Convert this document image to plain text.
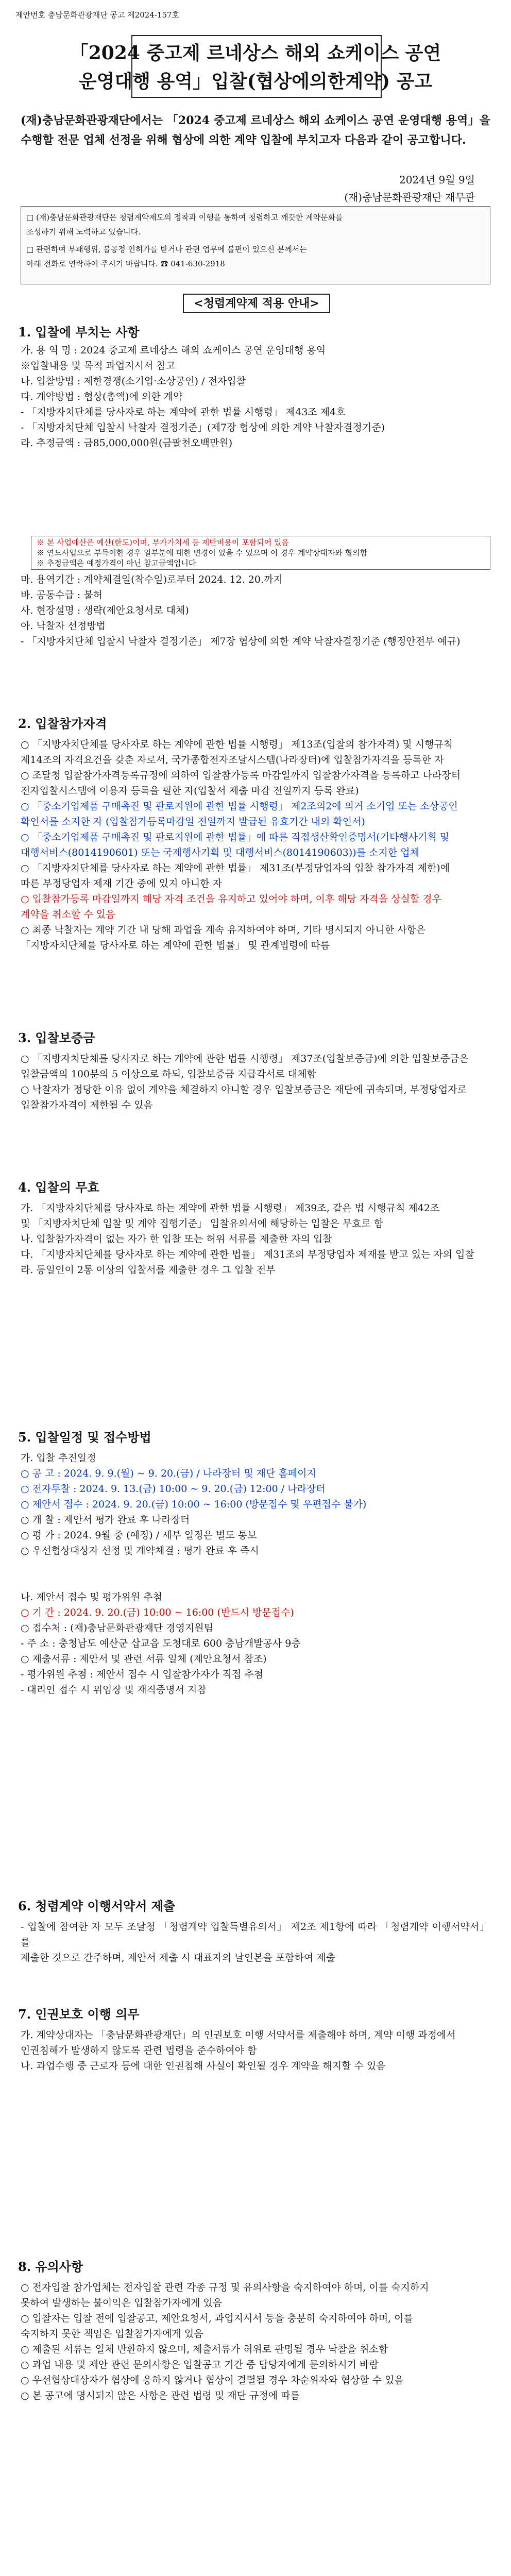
제안번호 충남문화관광재단 공고 제2024-157호
「2024 중고제 르네상스 해외 쇼케이스 공연
운영대행 용역」입찰(협상에의한계약) 공고
(재)충남문화관광재단에서는 「2024 중고제 르네상스 해외 쇼케이스 공연 운영대행 용역」을 수행할 전문 업체 선정을 위해 협상에 의한 계약 입찰에 부치고자 다음과 같이 공고합니다.
2024년 9월 9일
(재)충남문화관광재단 재무관
□ (재)충남문화관광재단은 청렴계약제도의 정착과 이행을 통하여 청렴하고 깨끗한 계약문화를
조성하기 위해 노력하고 있습니다.
□ 관련하여 부패행위, 불공정 인허가를 받거나 관련 업무에 불편이 있으신 분께서는
아래 전화로 연락하여 주시기 바랍니다. ☎ 041-630-2918
<청렴계약제 적용 안내>
1. 입찰에 부치는 사항
가. 용 역 명 : 2024 중고제 르네상스 해외 쇼케이스 공연 운영대행 용역
※입찰내용 및 목적 과업지시서 참고
나. 입찰방법 : 제한경쟁(소기업·소상공인) / 전자입찰
다. 계약방법 : 협상(총액)에 의한 계약
- 「지방자치단체를 당사자로 하는 계약에 관한 법률 시행령」 제43조 제4호
- 「지방자치단체 입찰시 낙찰자 결정기준」(제7장 협상에 의한 계약 낙찰자결정기준)
라. 추정금액 : 금85,000,000원(금팔천오백만원)
※ 본 사업예산은 예산(한도)이며, 부가가치세 등 제반비용이 포함되어 있음
※ 연도사업으로 부득이한 경우 일부분에 대한 변경이 있을 수 있으며 이 경우 계약상대자와 협의함
※ 추정금액은 예정가격이 아닌 참고금액입니다
마. 용역기간 : 계약체결일(착수일)로부터 2024. 12. 20.까지
바. 공동수급 : 불허
사. 현장설명 : 생략(제안요청서로 대체)
아. 낙찰자 선정방법
- 「지방자치단체 입찰시 낙찰자 결정기준」 제7장 협상에 의한 계약 낙찰자결정기준 (행정안전부 예규)
2. 입찰참가자격
○ 「지방자치단체를 당사자로 하는 계약에 관한 법률 시행령」 제13조(입찰의 참가자격) 및 시행규칙
제14조의 자격요건을 갖춘 자로서, 국가종합전자조달시스템(나라장터)에 입찰참가자격을 등록한 자
○ 조달청 입찰참가자격등록규정에 의하여 입찰참가등록 마감일까지 입찰참가자격을 등록하고 나라장터
전자입찰시스템에 이용자 등록을 필한 자(입찰서 제출 마감 전일까지 등록 완료)
○ 「중소기업제품 구매촉진 및 판로지원에 관한 법률 시행령」 제2조의2에 의거 소기업 또는 소상공인
확인서를 소지한 자 (입찰참가등록마감일 전일까지 발급된 유효기간 내의 확인서)
○ 「중소기업제품 구매촉진 및 판로지원에 관한 법률」에 따른 직접생산확인증명서(기타행사기획 및
대행서비스(8014190601) 또는 국제행사기획 및 대행서비스(8014190603))를 소지한 업체
○ 「지방자치단체를 당사자로 하는 계약에 관한 법률」 제31조(부정당업자의 입찰 참가자격 제한)에
따른 부정당업자 제재 기간 중에 있지 아니한 자
○ 입찰참가등록 마감일까지 해당 자격 조건을 유지하고 있어야 하며, 이후 해당 자격을 상실할 경우
계약을 취소할 수 있음
○ 최종 낙찰자는 계약 기간 내 당해 과업을 계속 유지하여야 하며, 기타 명시되지 아니한 사항은
「지방자치단체를 당사자로 하는 계약에 관한 법률」 및 관계법령에 따름
3. 입찰보증금
○ 「지방자치단체를 당사자로 하는 계약에 관한 법률 시행령」 제37조(입찰보증금)에 의한 입찰보증금은
입찰금액의 100분의 5 이상으로 하되, 입찰보증금 지급각서로 대체함
○ 낙찰자가 정당한 이유 없이 계약을 체결하지 아니할 경우 입찰보증금은 재단에 귀속되며, 부정당업자로
입찰참가자격이 제한될 수 있음
4. 입찰의 무효
가. 「지방자치단체를 당사자로 하는 계약에 관한 법률 시행령」 제39조, 같은 법 시행규칙 제42조
및 「지방자치단체 입찰 및 계약 집행기준」 입찰유의서에 해당하는 입찰은 무효로 함
나. 입찰참가자격이 없는 자가 한 입찰 또는 허위 서류를 제출한 자의 입찰
다. 「지방자치단체를 당사자로 하는 계약에 관한 법률」 제31조의 부정당업자 제재를 받고 있는 자의 입찰
라. 동일인이 2통 이상의 입찰서를 제출한 경우 그 입찰 전부
5. 입찰일정 및 접수방법
가. 입찰 추진일정
○ 공 고 : 2024. 9. 9.(월) ~ 9. 20.(금) / 나라장터 및 재단 홈페이지
○ 전자투찰 : 2024. 9. 13.(금) 10:00 ~ 9. 20.(금) 12:00 / 나라장터
○ 제안서 접수 : 2024. 9. 20.(금) 10:00 ~ 16:00 (방문접수 및 우편접수 불가)
○ 개 찰 : 제안서 평가 완료 후 나라장터
○ 평 가 : 2024. 9월 중 (예정) / 세부 일정은 별도 통보
○ 우선협상대상자 선정 및 계약체결 : 평가 완료 후 즉시
나. 제안서 접수 및 평가위원 추첨
○ 기 간 : 2024. 9. 20.(금) 10:00 ~ 16:00 (반드시 방문접수)
○ 접수처 : (재)충남문화관광재단 경영지원팀
- 주 소 : 충청남도 예산군 삽교읍 도청대로 600 충남개발공사 9층
○ 제출서류 : 제안서 및 관련 서류 일체 (제안요청서 참조)
- 평가위원 추첨 : 제안서 접수 시 입찰참가자가 직접 추첨
- 대리인 접수 시 위임장 및 재직증명서 지참
6. 청렴계약 이행서약서 제출
- 입찰에 참여한 자 모두 조달청 「청렴계약 입찰특별유의서」 제2조 제1항에 따라 「청렴계약 이행서약서」를
제출한 것으로 간주하며, 제안서 제출 시 대표자의 날인본을 포함하여 제출
7. 인권보호 이행 의무
가. 계약상대자는 「충남문화관광재단」의 인권보호 이행 서약서를 제출해야 하며, 계약 이행 과정에서
인권침해가 발생하지 않도록 관련 법령을 준수하여야 함
나. 과업수행 중 근로자 등에 대한 인권침해 사실이 확인될 경우 계약을 해지할 수 있음
8. 유의사항
○ 전자입찰 참가업체는 전자입찰 관련 각종 규정 및 유의사항을 숙지하여야 하며, 이를 숙지하지
못하여 발생하는 불이익은 입찰참가자에게 있음
○ 입찰자는 입찰 전에 입찰공고, 제안요청서, 과업지시서 등을 충분히 숙지하여야 하며, 이를
숙지하지 못한 책임은 입찰참가자에게 있음
○ 제출된 서류는 일체 반환하지 않으며, 제출서류가 허위로 판명될 경우 낙찰을 취소함
○ 과업 내용 및 제안 관련 문의사항은 입찰공고 기간 중 담당자에게 문의하시기 바람
○ 우선협상대상자가 협상에 응하지 않거나 협상이 결렬될 경우 차순위자와 협상할 수 있음
○ 본 공고에 명시되지 않은 사항은 관련 법령 및 재단 규정에 따름
